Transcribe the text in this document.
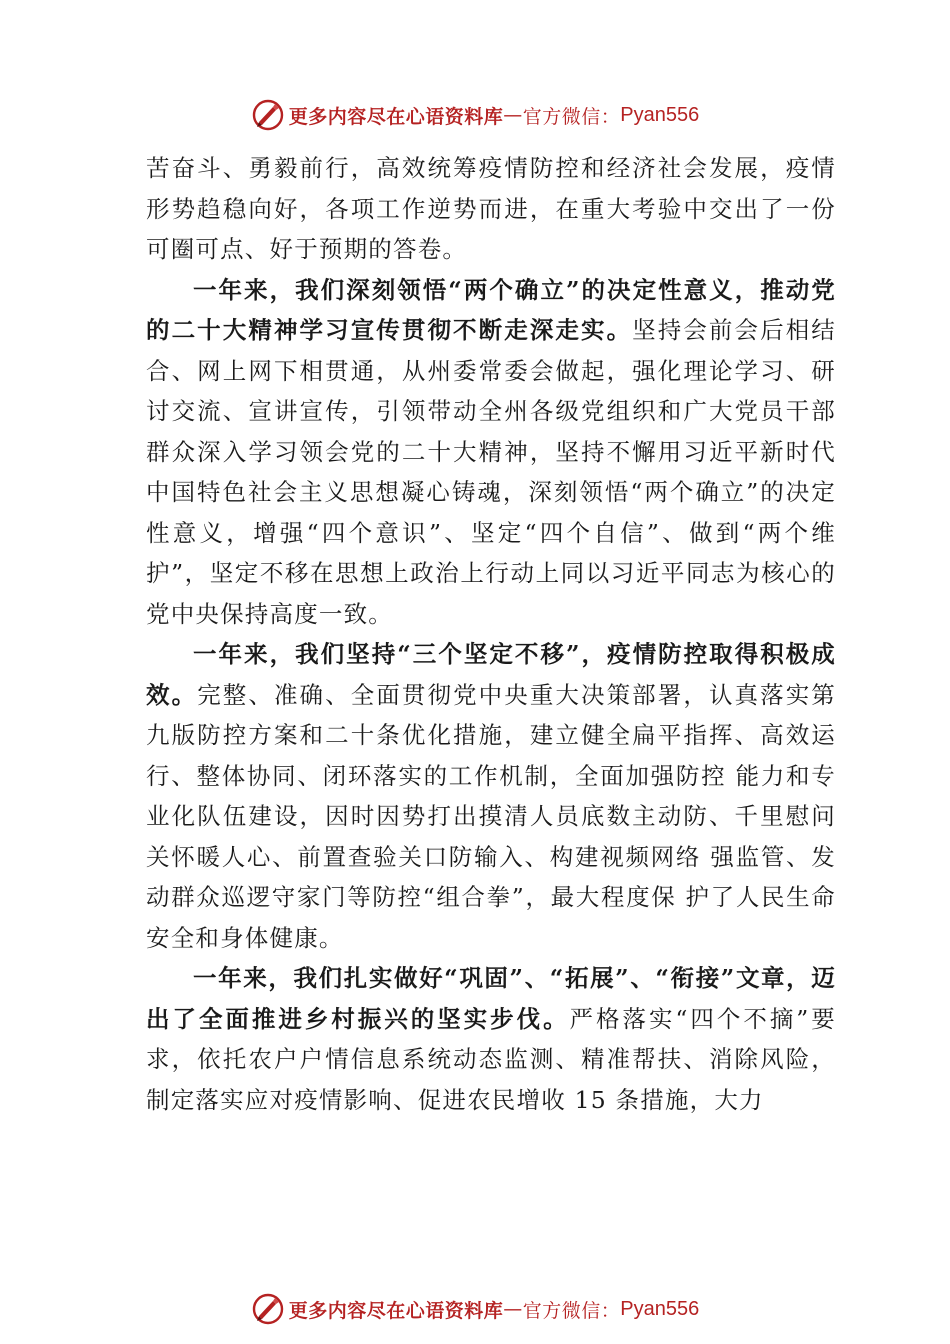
更多内容尽在心语资料库 — 官方微信： Pyan556

苦奋斗、勇毅前行，高效统筹疫情防控和经济社会发展，疫情形势趋稳向好，各项工作逆势而进，在重大考验中交出了一份可圈可点、好于预期的答卷。

一年来，我们深刻领悟“两个确立”的决定性意义，推动党的二十大精神学习宣传贯彻不断走深走实。坚持会前会后相结合、网上网下相贯通，从州委常委会做起，强化理论学习、研讨交流、宣讲宣传，引领带动全州各级党组织和广大党员干部群众深入学习领会党的二十大精神，坚持不懈用习近平新时代中国特色社会主义思想凝心铸魂，深刻领悟“两个确立”的决定性意义，增强“四个意识”、坚定“四个自信”、做到“两个维护”，坚定不移在思想上政治上行动上同以习近平同志为核心的党中央保持高度一致。

一年来，我们坚持“三个坚定不移”，疫情防控取得积极成效。完整、准确、全面贯彻党中央重大决策部署，认真落实第九版防控方案和二十条优化措施，建立健全扁平指挥、高效运行、整体协同、闭环落实的工作机制，全面加强防控 能力和专业化队伍建设，因时因势打出摸清人员底数主动防、千里慰问关怀暖人心、前置查验关口防输入、构建视频网络 强监管、发动群众巡逻守家门等防控“组合拳”，最大程度保 护了人民生命安全和身体健康。

一年来，我们扎实做好“巩固”、“拓展”、“衔接”文章，迈出了全面推进乡村振兴的坚实步伐。严格落实“四个不摘”要求，依托农户户情信息系统动态监测、精准帮扶、消除风险，制定落实应对疫情影响、促进农民增收 15 条措施，大力

更多内容尽在心语资料库 — 官方微信： Pyan556
